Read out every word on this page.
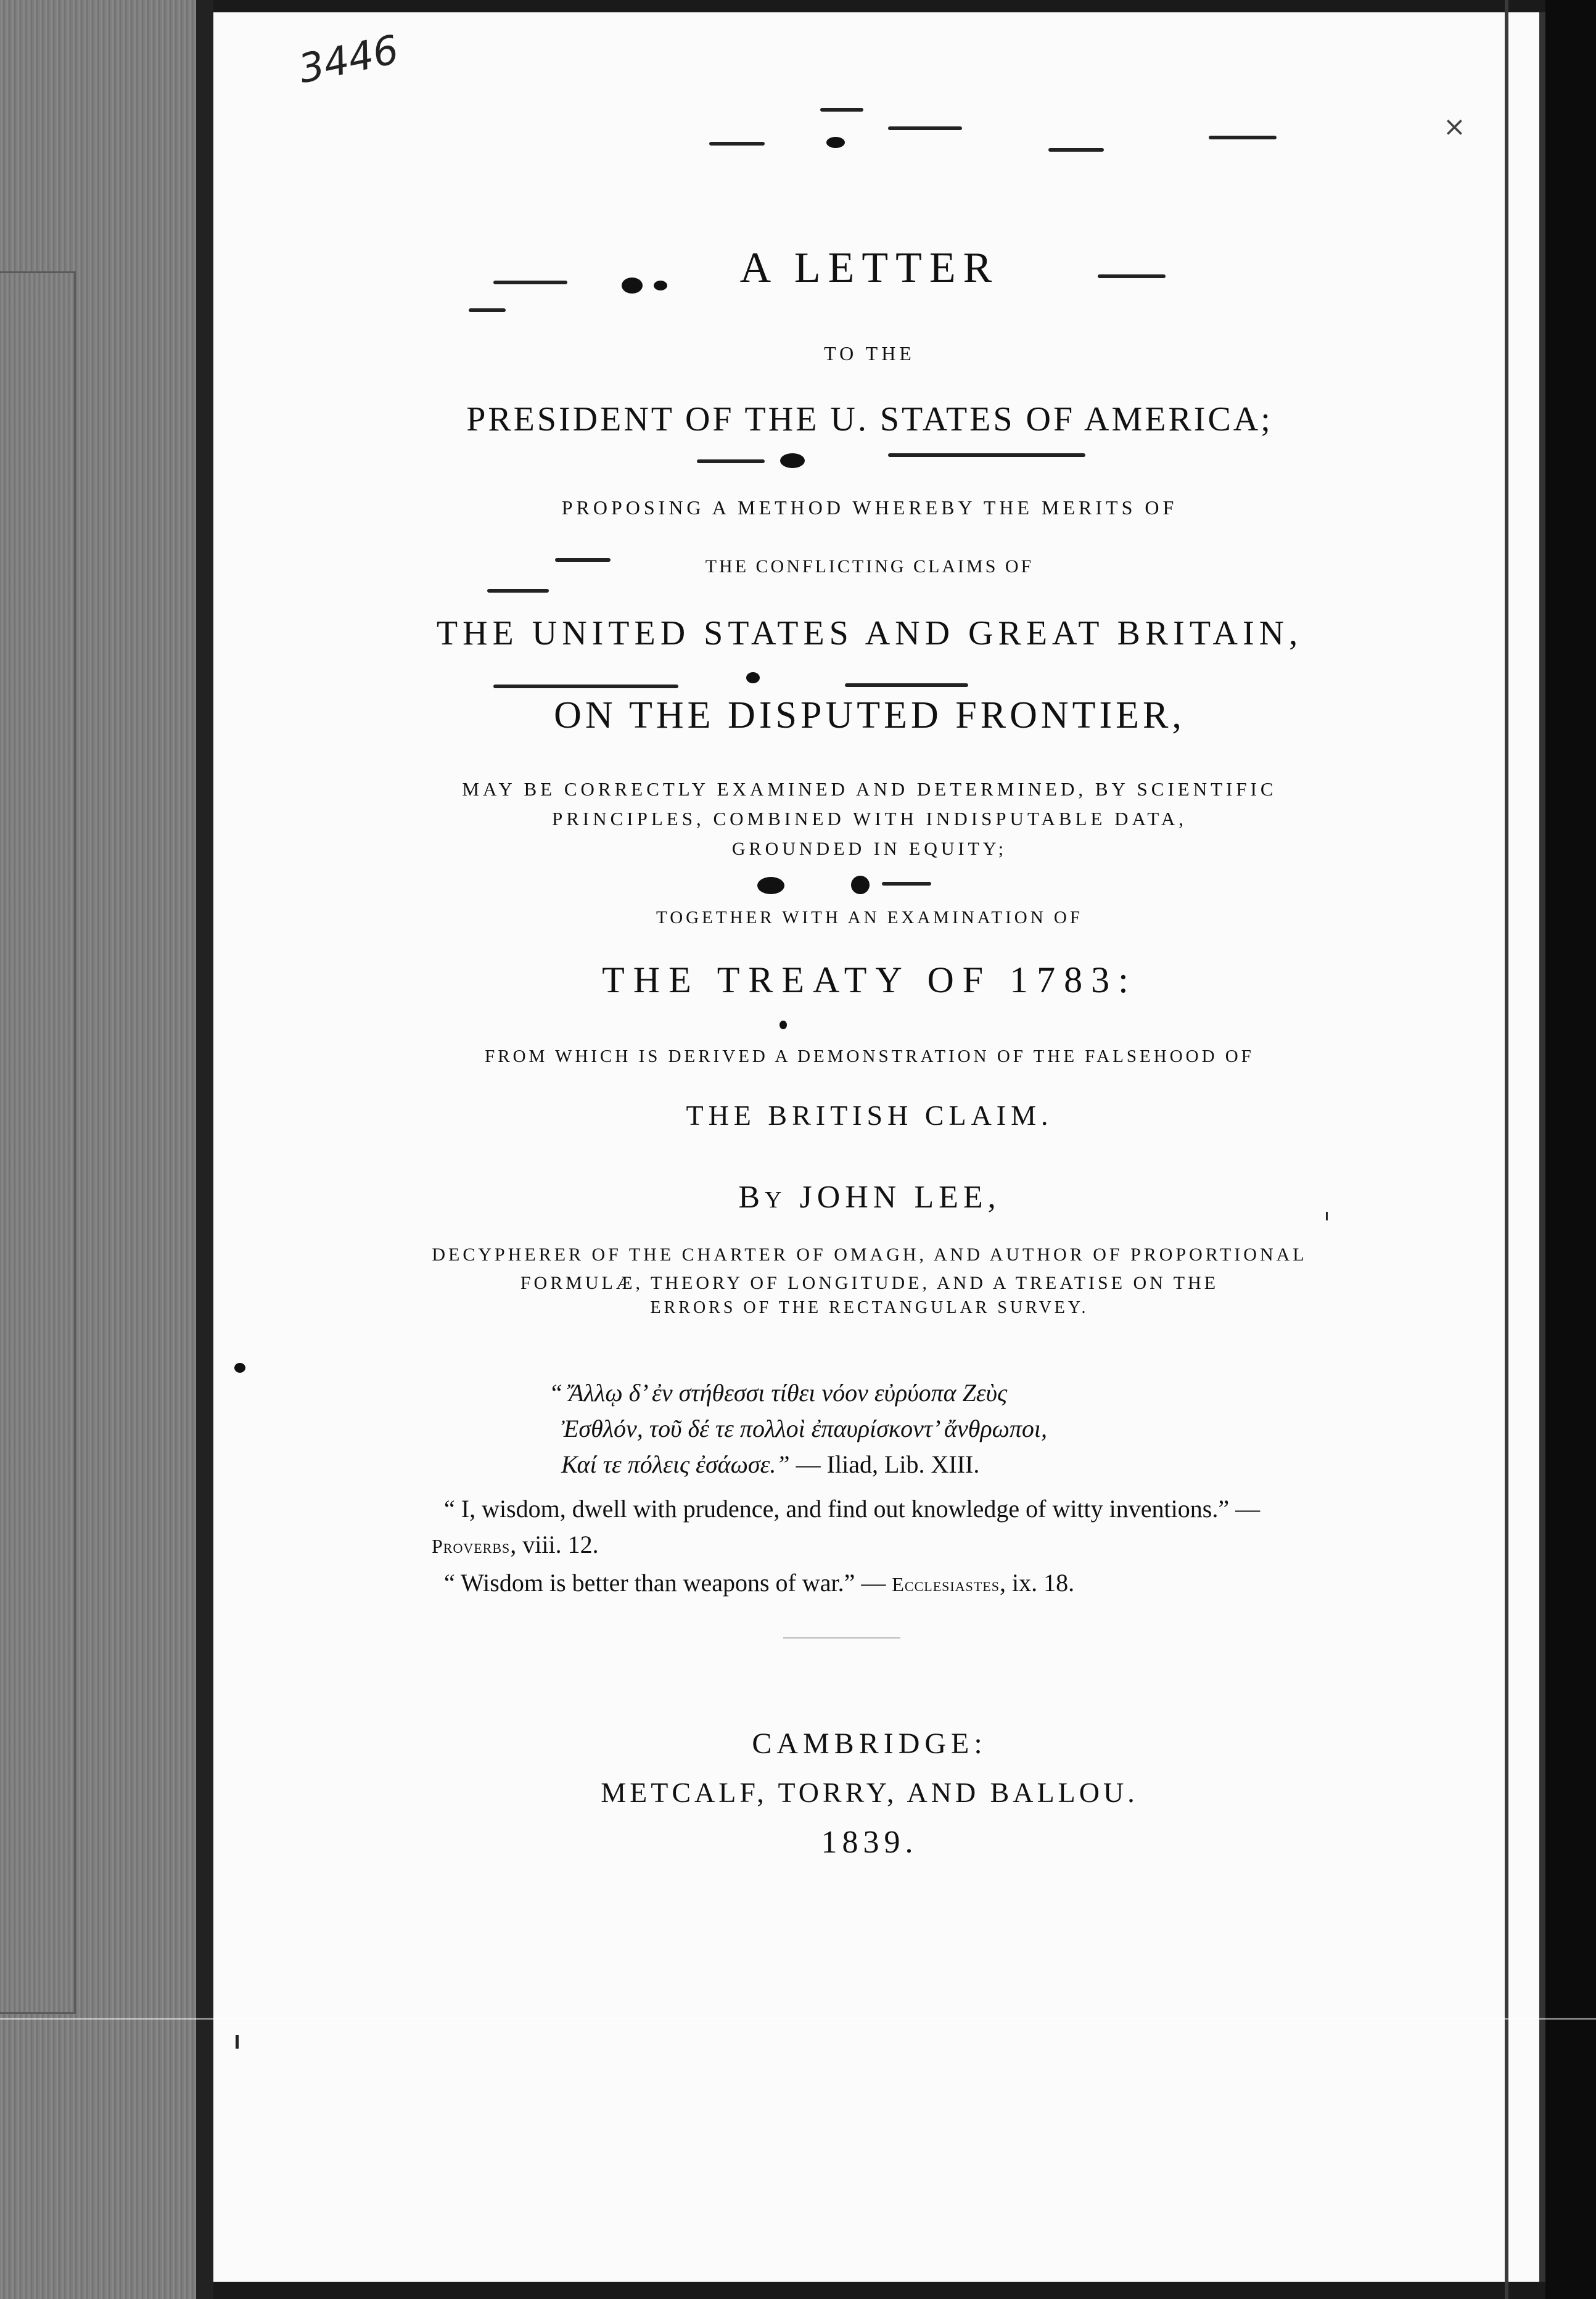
3446
×
A LETTER
TO THE
PRESIDENT OF THE U. STATES OF AMERICA;
PROPOSING A METHOD WHEREBY THE MERITS OF
THE CONFLICTING CLAIMS OF
THE UNITED STATES AND GREAT BRITAIN,
ON THE DISPUTED FRONTIER,
MAY BE CORRECTLY EXAMINED AND DETERMINED, BY SCIENTIFIC
PRINCIPLES, COMBINED WITH INDISPUTABLE DATA,
GROUNDED IN EQUITY;
TOGETHER WITH AN EXAMINATION OF
THE TREATY OF 1783:
FROM WHICH IS DERIVED A DEMONSTRATION OF THE FALSEHOOD OF
THE BRITISH CLAIM.
BY JOHN LEE,
DECYPHERER OF THE CHARTER OF OMAGH, AND AUTHOR OF PROPORTIONAL
FORMULÆ, THEORY OF LONGITUDE, AND A TREATISE ON THE
ERRORS OF THE RECTANGULAR SURVEY.
“ Ἄλλῳ δ’ ἐν στήθεσσι τίθει νόον εὐρύοπα Ζεὺς
Ἐσθλόν, τοῦ δέ τε πολλοὶ ἐπαυρίσκοντ’ ἄνθρωποι,
Καί τε πόλεις ἐσάωσε.” — Iliad, Lib. XIII.
“ I, wisdom, dwell with prudence, and find out knowledge of witty inventions.” — Proverbs, viii. 12.
“ Wisdom is better than weapons of war.” — Ecclesiastes, ix. 18.
CAMBRIDGE:
METCALF, TORRY, AND BALLOU.
1839.
